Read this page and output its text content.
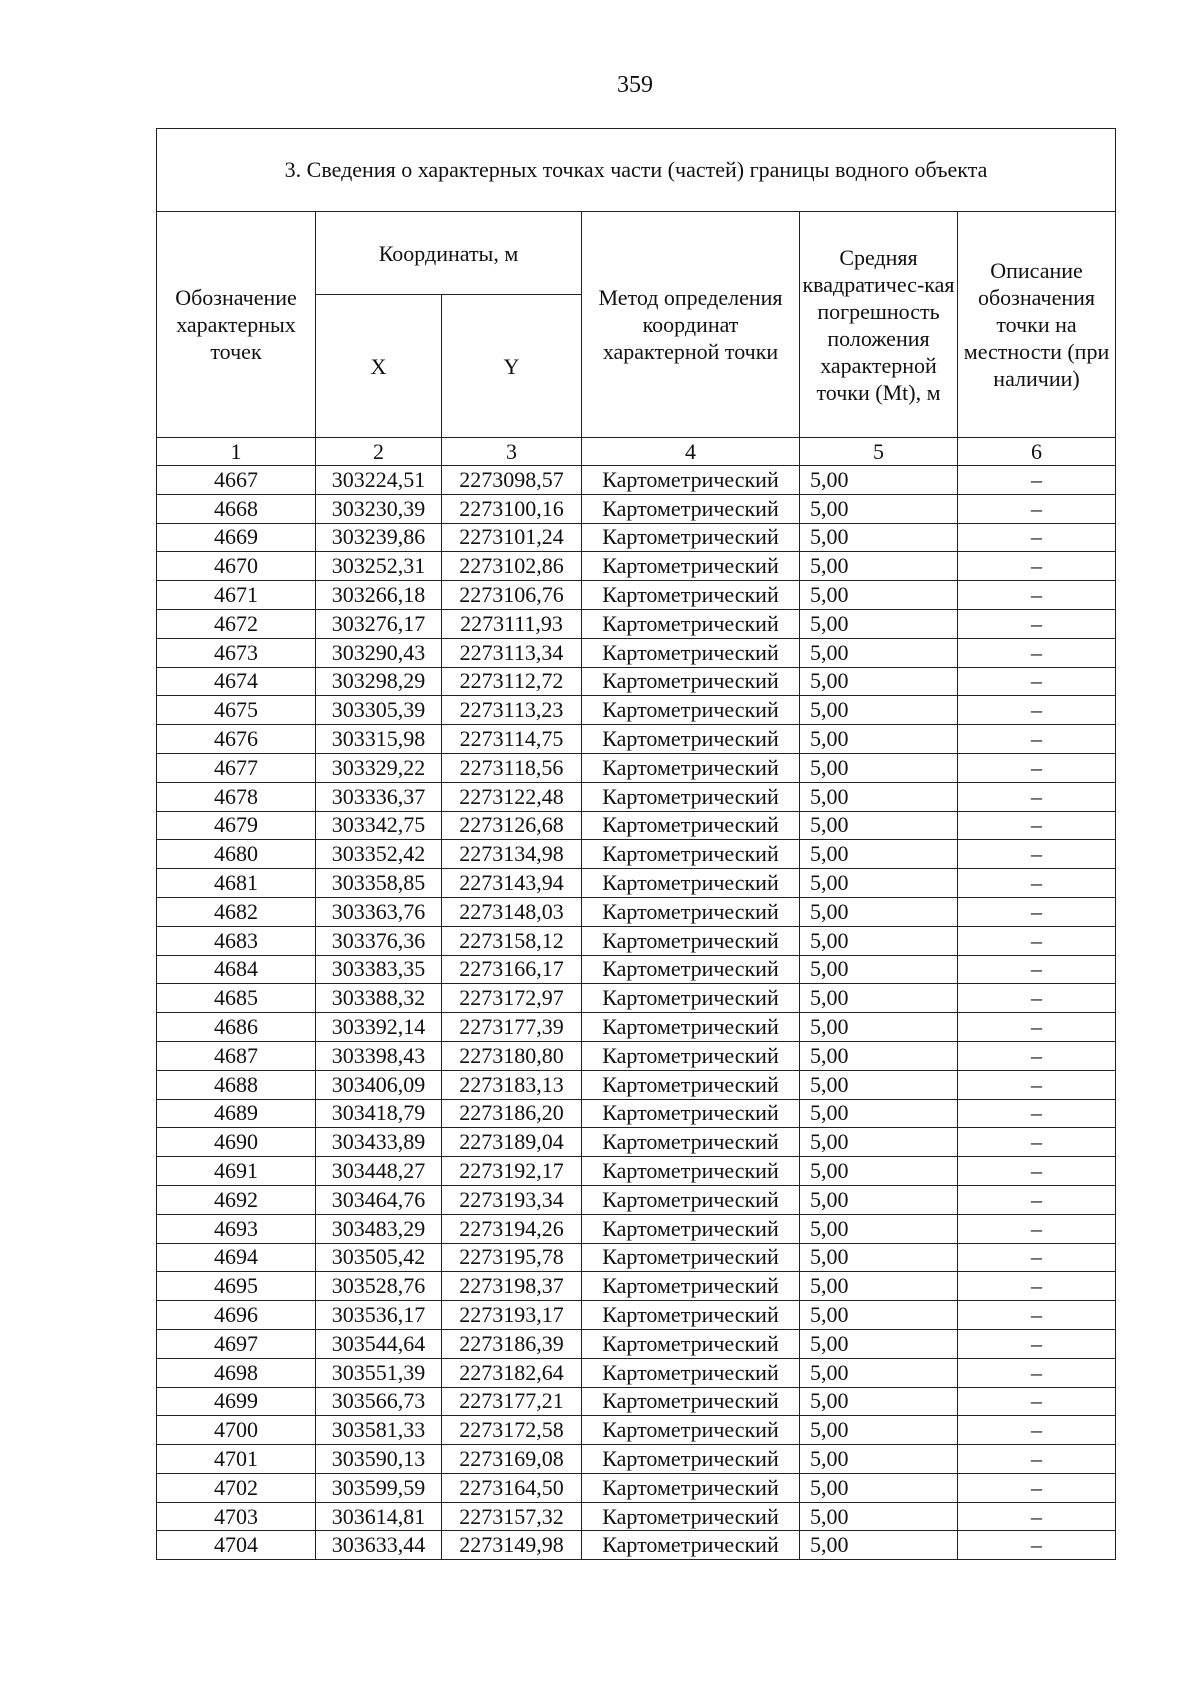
359
3. Сведения о характерных точках части (частей) границы водного объекта					
Обозначение характерных точек	Координаты, м		Метод определения координат характерной точки	Средняя квадратичес-кая погрешность положения характерной точки (Mt), м	Описание обозначения точки на местности (при наличии)
	X	Y			
1	2	3	4	5	6
4667	303224,51	2273098,57	Картометрический	5,00	–
4668	303230,39	2273100,16	Картометрический	5,00	–
4669	303239,86	2273101,24	Картометрический	5,00	–
4670	303252,31	2273102,86	Картометрический	5,00	–
4671	303266,18	2273106,76	Картометрический	5,00	–
4672	303276,17	2273111,93	Картометрический	5,00	–
4673	303290,43	2273113,34	Картометрический	5,00	–
4674	303298,29	2273112,72	Картометрический	5,00	–
4675	303305,39	2273113,23	Картометрический	5,00	–
4676	303315,98	2273114,75	Картометрический	5,00	–
4677	303329,22	2273118,56	Картометрический	5,00	–
4678	303336,37	2273122,48	Картометрический	5,00	–
4679	303342,75	2273126,68	Картометрический	5,00	–
4680	303352,42	2273134,98	Картометрический	5,00	–
4681	303358,85	2273143,94	Картометрический	5,00	–
4682	303363,76	2273148,03	Картометрический	5,00	–
4683	303376,36	2273158,12	Картометрический	5,00	–
4684	303383,35	2273166,17	Картометрический	5,00	–
4685	303388,32	2273172,97	Картометрический	5,00	–
4686	303392,14	2273177,39	Картометрический	5,00	–
4687	303398,43	2273180,80	Картометрический	5,00	–
4688	303406,09	2273183,13	Картометрический	5,00	–
4689	303418,79	2273186,20	Картометрический	5,00	–
4690	303433,89	2273189,04	Картометрический	5,00	–
4691	303448,27	2273192,17	Картометрический	5,00	–
4692	303464,76	2273193,34	Картометрический	5,00	–
4693	303483,29	2273194,26	Картометрический	5,00	–
4694	303505,42	2273195,78	Картометрический	5,00	–
4695	303528,76	2273198,37	Картометрический	5,00	–
4696	303536,17	2273193,17	Картометрический	5,00	–
4697	303544,64	2273186,39	Картометрический	5,00	–
4698	303551,39	2273182,64	Картометрический	5,00	–
4699	303566,73	2273177,21	Картометрический	5,00	–
4700	303581,33	2273172,58	Картометрический	5,00	–
4701	303590,13	2273169,08	Картометрический	5,00	–
4702	303599,59	2273164,50	Картометрический	5,00	–
4703	303614,81	2273157,32	Картометрический	5,00	–
4704	303633,44	2273149,98	Картометрический	5,00	–
